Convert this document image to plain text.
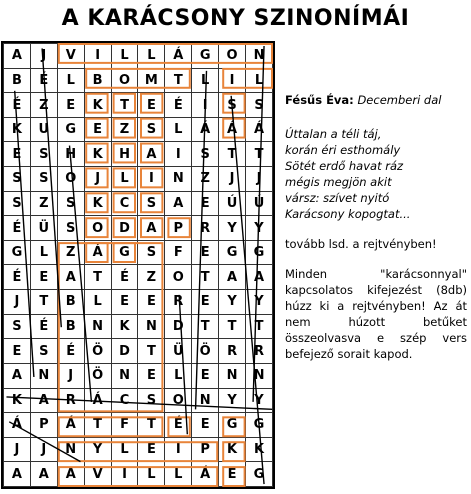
A KARÁCSONY SZINONÍMÁI
A	J	V	I	L	L	Á	G	O	N
B	É	L	B	O	M	T	L	I	L
É	Z	E	K	T	E	É	I	S	S
K	U	G	E	Z	S	L	Á	Á	Á
E	S	H	K	H	A	I	S	T	T
S	S	O	J	L	I	N	Z	J	J
S	Z	S	K	C	S	A	E	Ú	Ú
É	Ü	S	O	D	A	P	R	Y	Y
G	L	Z	Á	G	S	F	E	G	G
É	E	A	T	É	Z	O	T	A	A
J	T	B	L	E	E	R	E	Y	Y
S	É	B	N	K	N	D	T	T	T
E	S	É	Ö	D	T	Ü	Ö	R	R
A	N	J	Ö	N	E	L	E	N	N
K	A	R	Á	C	S	O	N	Y	Y
Á	P	Á	T	F	T	É	E	G	G
J	J	N	Y	L	E	I	P	K	K
A	A	A	V	I	L	L	Á	E	G

Fésűs Éva: Decemberi dal

Úttalan a téli táj,
korán éri esthomály
Sötét erdő havat ráz
mégis megjön akit
vársz: szívet nyitó
Karácsony kopogtat...

tovább lsd. a rejtvényben!

Minden "karácsonnyal" kapcsolatos kifejezést (8db) húzz ki a rejtvényben! Az át nem húzott betűket összeolvasva e szép vers befejező sorait kapod.
